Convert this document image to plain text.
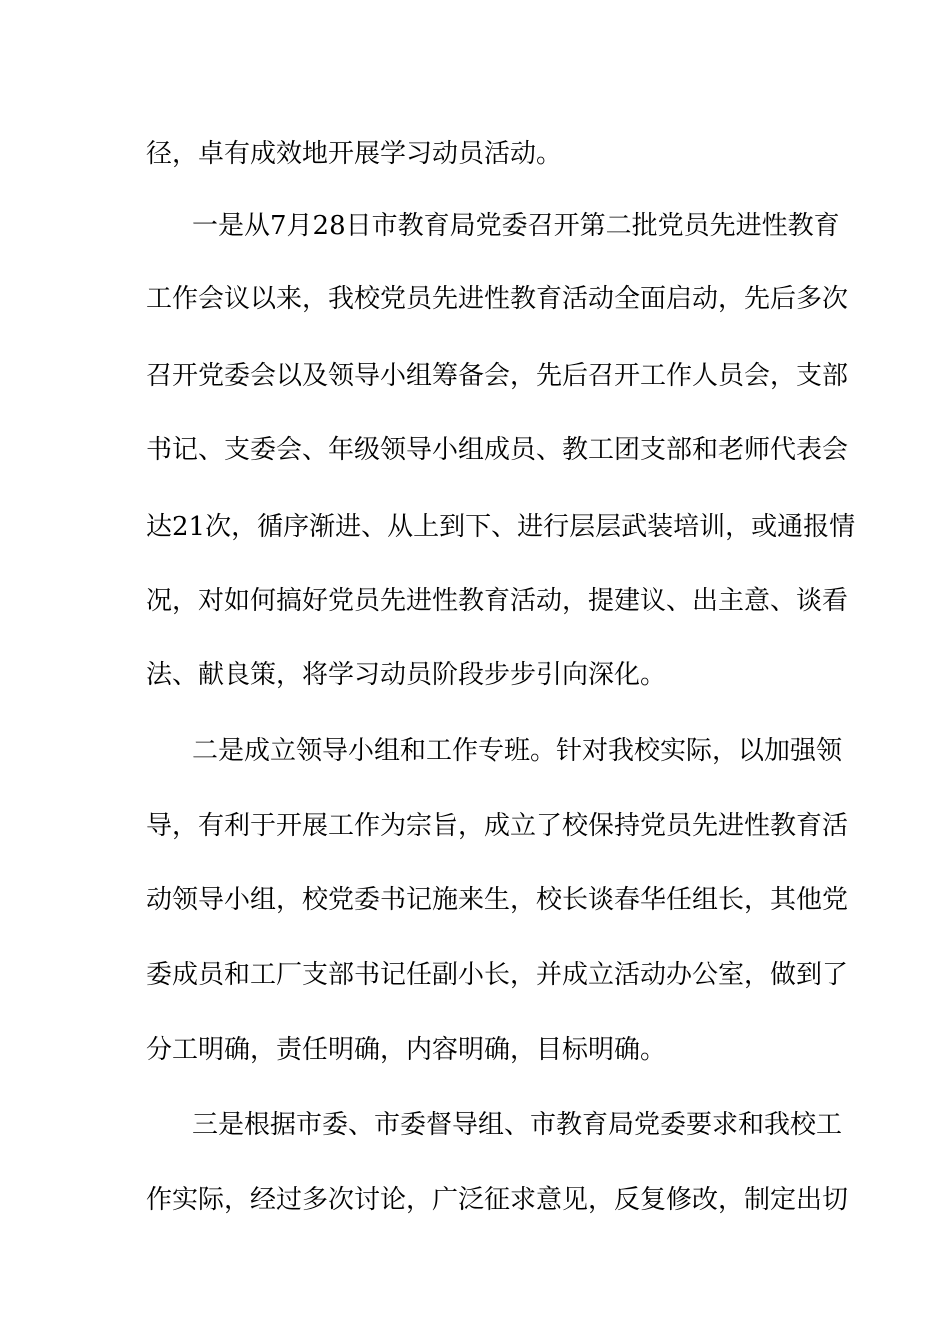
径，卓有成效地开展学习动员活动。

一是从7月28日市教育局党委召开第二批党员先进性教育

工作会议以来，我校党员先进性教育活动全面启动，先后多次

召开党委会以及领导小组筹备会，先后召开工作人员会，支部

书记、支委会、年级领导小组成员、教工团支部和老师代表会

达21次，循序渐进、从上到下、进行层层武装培训，或通报情

况，对如何搞好党员先进性教育活动，提建议、出主意、谈看

法、献良策，将学习动员阶段步步引向深化。

二是成立领导小组和工作专班。针对我校实际，以加强领

导，有利于开展工作为宗旨，成立了校保持党员先进性教育活

动领导小组，校党委书记施来生，校长谈春华任组长，其他党

委成员和工厂支部书记任副小长，并成立活动办公室，做到了

分工明确，责任明确，内容明确，目标明确。

三是根据市委、市委督导组、市教育局党委要求和我校工

作实际，经过多次讨论，广泛征求意见，反复修改，制定出切
